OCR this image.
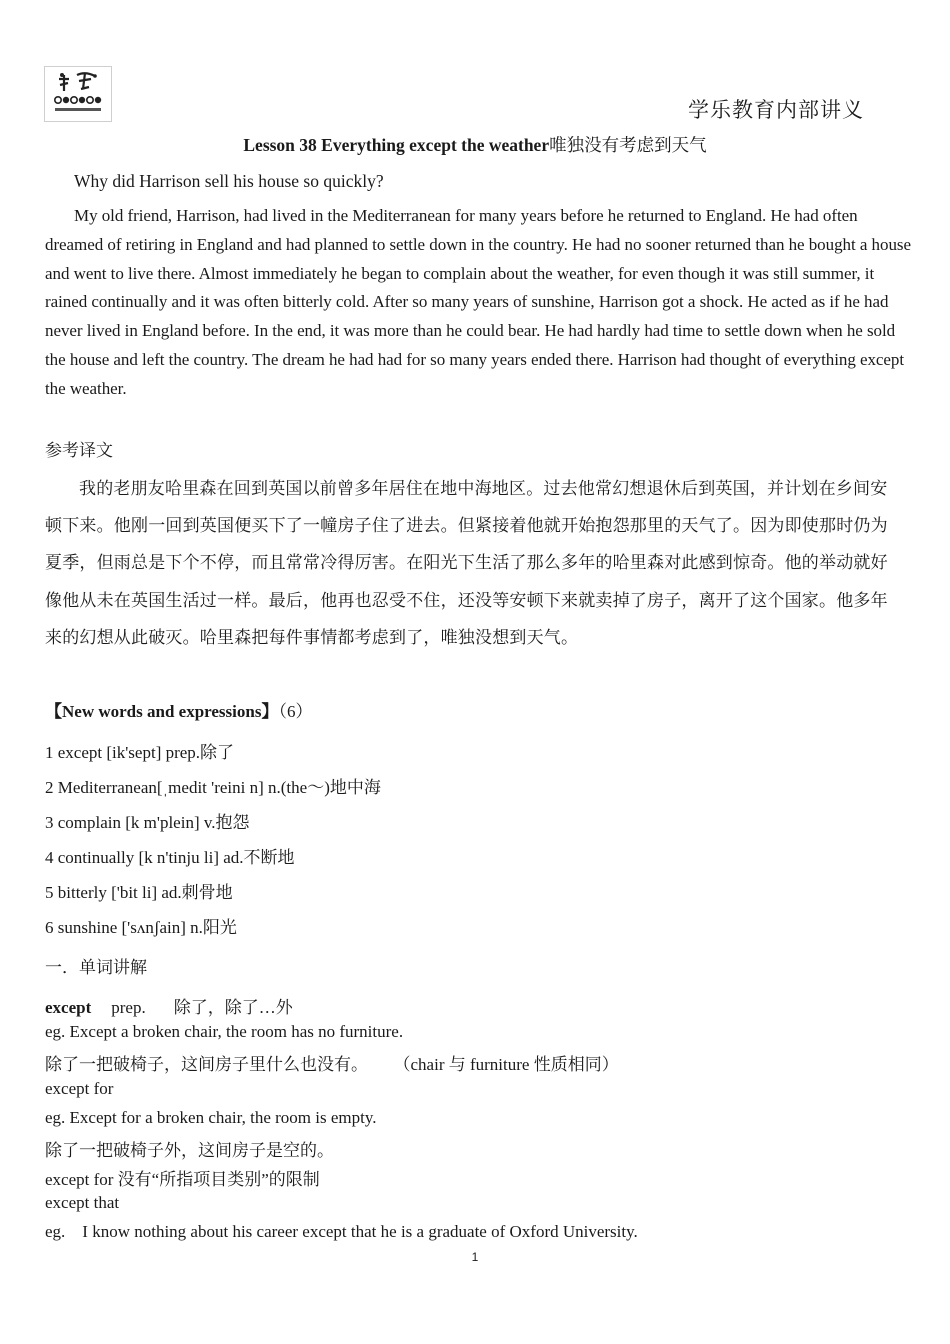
学乐教育内部讲义
Lesson 38 Everything except the weather唯独没有考虑到天气
Why did Harrison sell his house so quickly?
My old friend, Harrison, had lived in the Mediterranean for many years before he returned to England. He had often dreamed of retiring in England and had planned to settle down in the country. He had no sooner returned than he bought a house and went to live there. Almost immediately he began to complain about the weather, for even though it was still summer, it rained continually and it was often bitterly cold. After so many years of sunshine, Harrison got a shock. He acted as if he had never lived in England before. In the end, it was more than he could bear. He had hardly had time to settle down when he sold the house and left the country. The dream he had had for so many years ended there. Harrison had thought of everything except the weather.
参考译文
我的老朋友哈里森在回到英国以前曾多年居住在地中海地区。过去他常幻想退休后到英国，并计划在乡间安顿下来。他刚一回到英国便买下了一幢房子住了进去。但紧接着他就开始抱怨那里的天气了。因为即使那时仍为夏季，但雨总是下个不停，而且常常冷得厉害。在阳光下生活了那么多年的哈里森对此感到惊奇。他的举动就好像他从未在英国生活过一样。最后，他再也忍受不住，还没等安顿下来就卖掉了房子，离开了这个国家。他多年来的幻想从此破灭。哈里森把每件事情都考虑到了，唯独没想到天气。
【New words and expressions】（6）
1 except [ik'sept] prep.除了
2 Mediterranean[ˌmedit 'reini n] n.(the～)地中海
3 complain [k m'plein] v.抱怨
4 continually [k n'tinju li] ad.不断地
5 bitterly ['bit li] ad.刺骨地
6 sunshine ['sʌnʃain] n.阳光
一．单词讲解
except prep. 除了，除了…外
eg. Except a broken chair, the room has no furniture.
除了一把破椅子，这间房子里什么也没有。      （chair 与 furniture 性质相同）
except for
eg. Except for a broken chair, the room is empty.
除了一把破椅子外，这间房子是空的。
except for 没有“所指项目类别”的限制
except that
eg.    I know nothing about his career except that he is a graduate of Oxford University.
1
